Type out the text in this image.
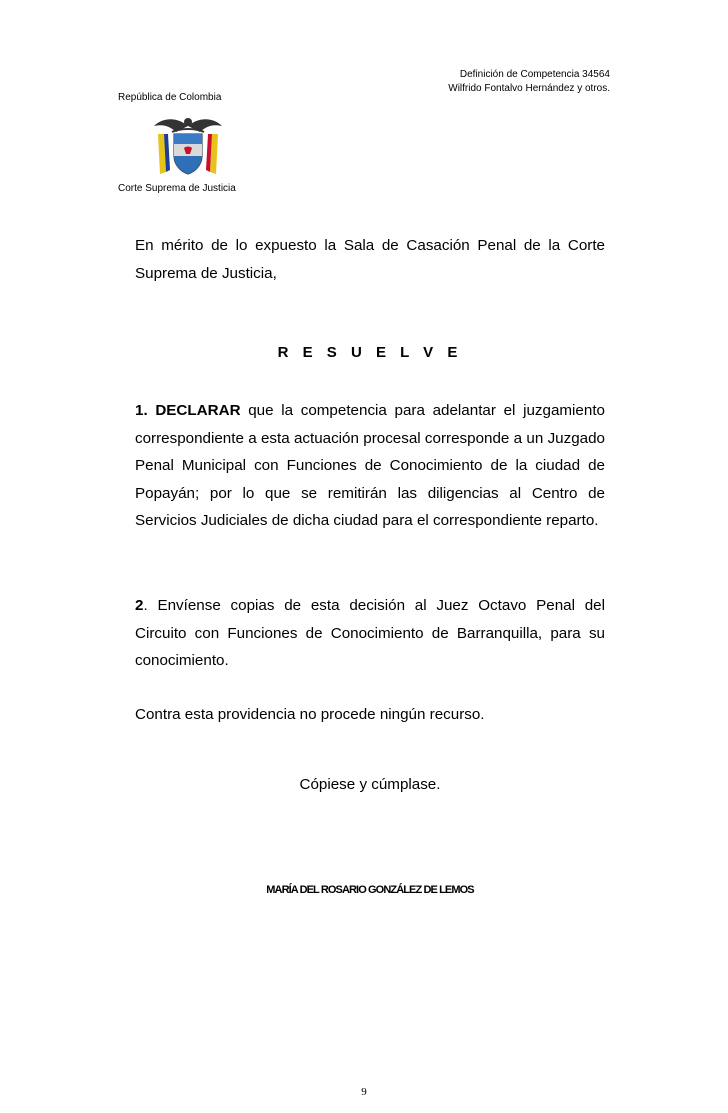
Definición de Competencia 34564
Wilfrido Fontalvo Hernández y otros.
República de Colombia
Corte Suprema de Justicia

En mérito de lo expuesto la Sala de Casación Penal de la Corte Suprema de Justicia,

R E S U E L V E

1. DECLARAR que la competencia para adelantar el juzgamiento correspondiente a esta actuación procesal corresponde a un Juzgado Penal Municipal con Funciones de Conocimiento de la ciudad de Popayán; por lo que se remitirán las diligencias al Centro de Servicios Judiciales de dicha ciudad para el correspondiente reparto.

2. Envíense copias de esta decisión al Juez Octavo Penal del Circuito con Funciones de Conocimiento de Barranquilla, para su conocimiento.

Contra esta providencia no procede ningún recurso.

Cópiese y cúmplase.
MARÍA DEL ROSARIO GONZÁLEZ DE LEMOS
9
